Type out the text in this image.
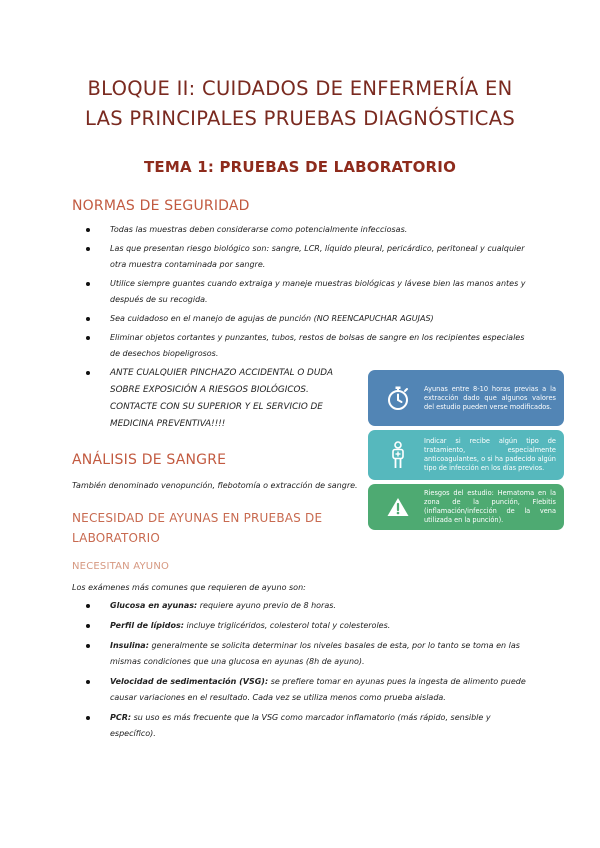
BLOQUE II: CUIDADOS DE ENFERMERÍA EN
LAS PRINCIPALES PRUEBAS DIAGNÓSTICAS
TEMA 1: PRUEBAS DE LABORATORIO
NORMAS DE SEGURIDAD
Todas las muestras deben considerarse como potencialmente infecciosas.
Las que presentan riesgo biológico son: sangre, LCR, líquido pleural, pericárdico, peritoneal y cualquier
otra muestra contaminada por sangre.
Utilice siempre guantes cuando extraiga y maneje muestras biológicas y lávese bien las manos antes y
después de su recogida.
Sea cuidadoso en el manejo de agujas de punción (NO REENCAPUCHAR AGUJAS)
Eliminar objetos cortantes y punzantes, tubos, restos de bolsas de sangre en los recipientes especiales
de desechos biopeligrosos.
ANTE CUALQUIER PINCHAZO ACCIDENTAL O DUDA
SOBRE EXPOSICIÓN A RIESGOS BIOLÓGICOS.
CONTACTE CON SU SUPERIOR Y EL SERVICIO DE
MEDICINA PREVENTIVA!!!!
ANÁLISIS DE SANGRE
También denominado venopunción, flebotomía o extracción de sangre.
NECESIDAD DE AYUNAS EN PRUEBAS DE LABORATORIO
NECESITAN AYUNO
Los exámenes más comunes que requieren de ayuno son:
Glucosa en ayunas: requiere ayuno previo de 8 horas.
Perfil de lípidos: incluye triglicéridos, colesterol total y colesteroles.
Insulina: generalmente se solicita determinar los niveles basales de esta, por lo tanto se toma en las
mismas condiciones que una glucosa en ayunas (8h de ayuno).
Velocidad de sedimentación (VSG): se prefiere tomar en ayunas pues la ingesta de alimento puede
causar variaciones en el resultado. Cada vez se utiliza menos como prueba aislada.
PCR: su uso es más frecuente que la VSG como marcador inflamatorio (más rápido, sensible y
específico).
Ayunas entre 8-10 horas previas a la extracción dado que algunos valores del estudio pueden verse modificados.
Indicar si recibe algún tipo de tratamiento, especialmente anticoagulantes, o si ha padecido algún tipo de infección en los días previos.
Riesgos del estudio: Hematoma en la zona de la punción, Flebitis (inflamación/infección de la vena utilizada en la punción).
